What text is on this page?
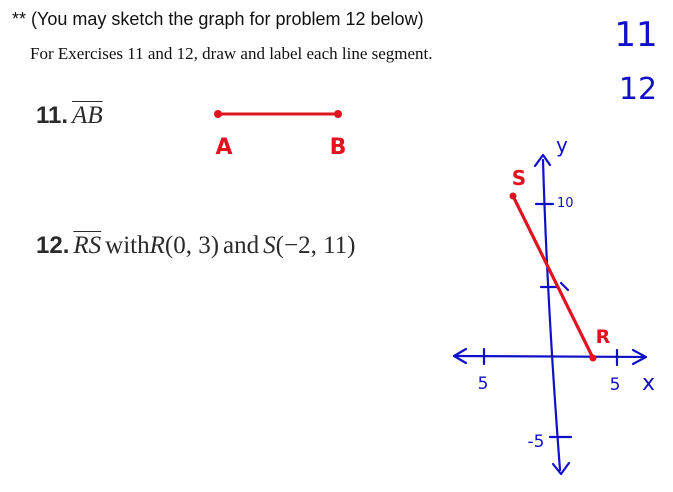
** (You may sketch the graph for problem 12 below)
For Exercises 11 and 12, draw and label each line segment.
11. $\overline{AB}$
12. $\overline{RS}$ withR(0, 3) and S(−2, 11)
11
12
A	B	y
x
10
5	5
-5
S
R
